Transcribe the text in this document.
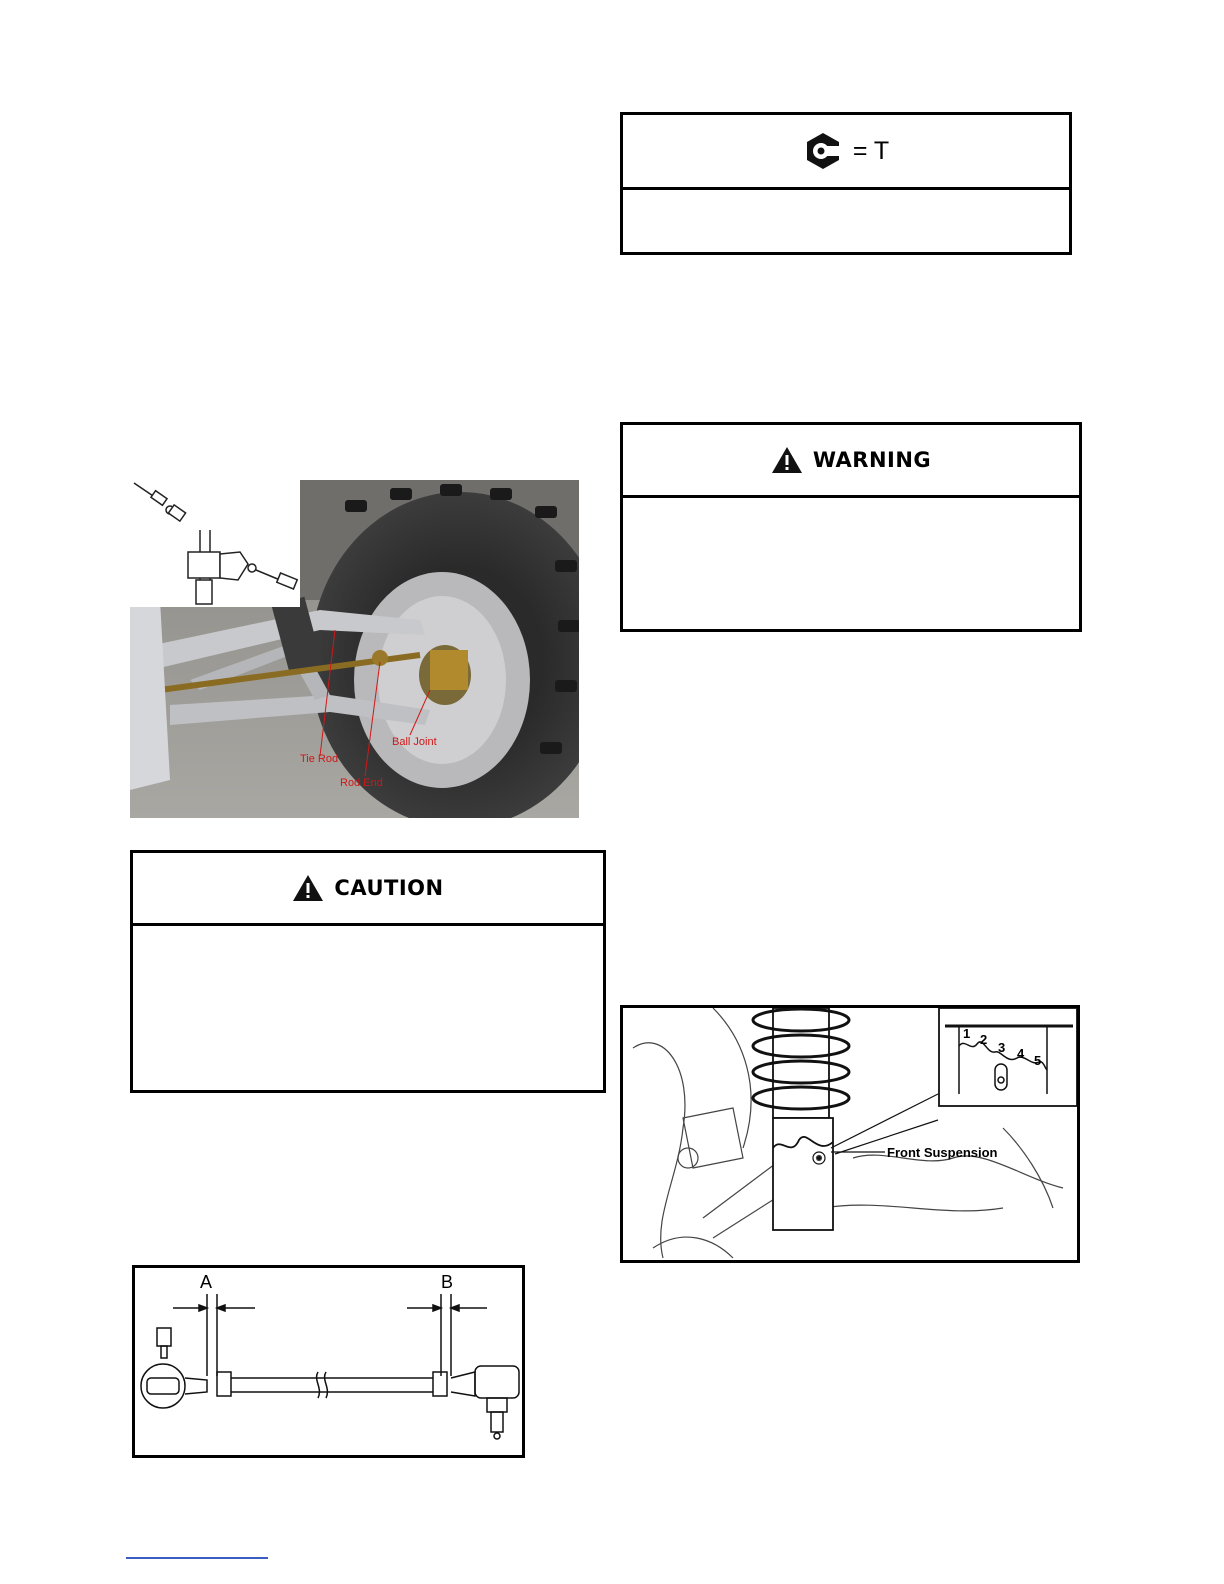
= T
WARNING
CAUTION
Tie Rod
Rod End
Ball Joint
A	B
1 2
3 4 5
Front Suspension
